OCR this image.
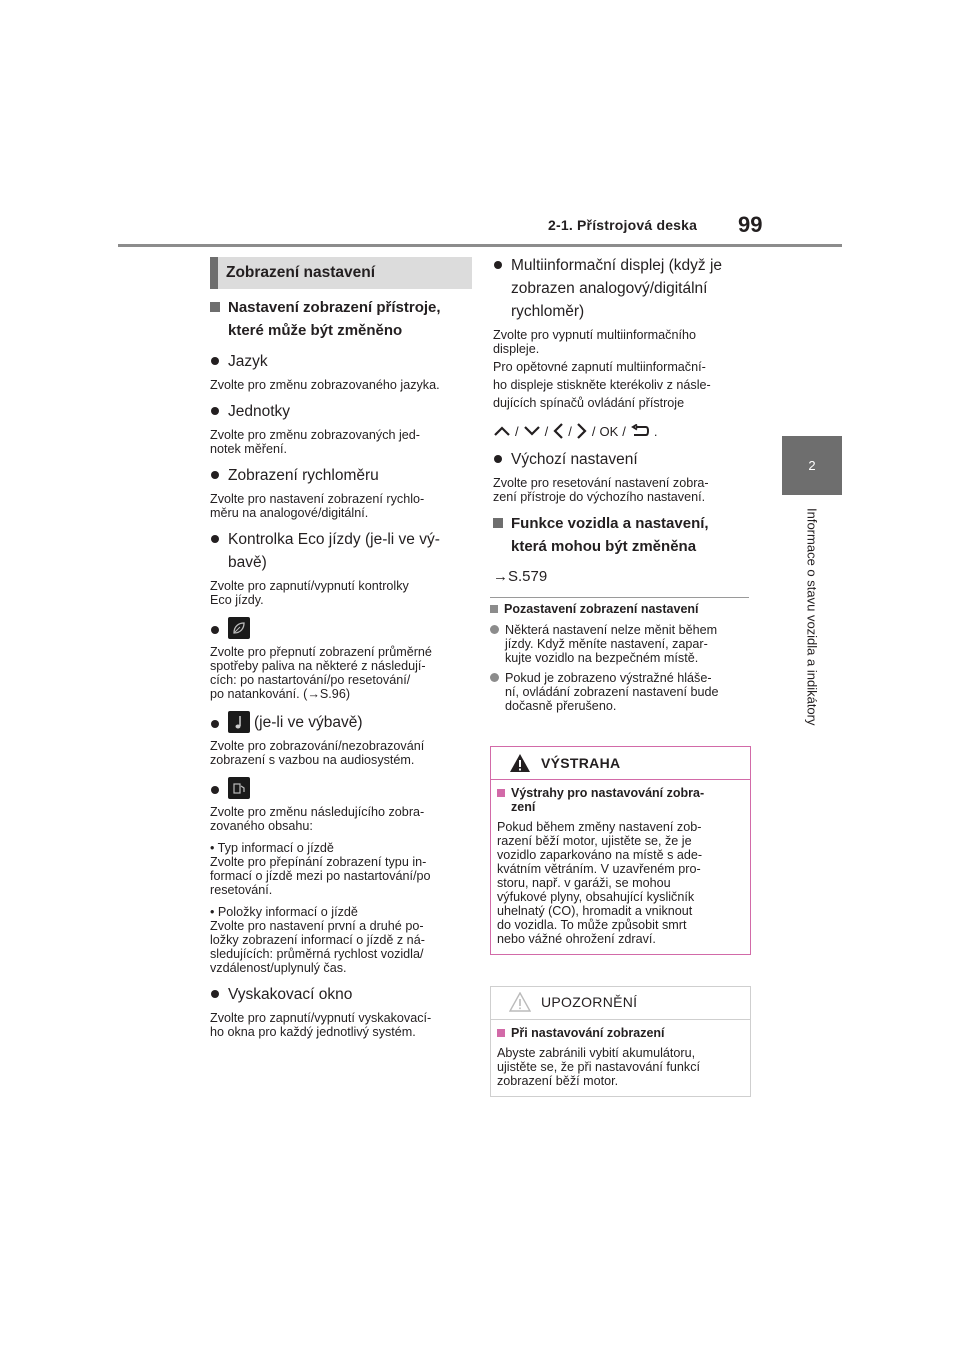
2-1. Přístrojová deska 99
2
Informace o stavu vozidla a indikátory
Zobrazení nastavení
Nastavení zobrazení přístroje,
které může být změněno
Jazyk
Zvolte pro změnu zobrazovaného jazyka.
Jednotky
Zvolte pro změnu zobrazovaných jed-
notek měření.
Zobrazení rychloměru
Zvolte pro nastavení zobrazení rychlo-
měru na analogové/digitální.
Kontrolka Eco jízdy (je-li ve vý-
bavě)
Zvolte pro zapnutí/vypnutí kontrolky
Eco jízdy.
Zvolte pro přepnutí zobrazení průměrné
spotřeby paliva na některé z následují-
cích: po nastartování/po resetování/
po natankování. (→S.96)
(je-li ve výbavě)
Zvolte pro zobrazování/nezobrazování
zobrazení s vazbou na audiosystém.
Zvolte pro změnu následujícího zobra-
zovaného obsahu:
• Typ informací o jízdě
Zvolte pro přepínání zobrazení typu in-
formací o jízdě mezi po nastartování/po
resetování.
• Položky informací o jízdě
Zvolte pro nastavení první a druhé po-
ložky zobrazení informací o jízdě z ná-
sledujících: průměrná rychlost vozidla/
vzdálenost/uplynulý čas.
Vyskakovací okno
Zvolte pro zapnutí/vypnutí vyskakovací-
ho okna pro každý jednotlivý systém.
Multiinformační displej (když je
zobrazen analogový/digitální
rychloměr)
Zvolte pro vypnutí multiinformačního
displeje.
Pro opětovné zapnutí multiinformační-
ho displeje stiskněte kterékoliv z násle-
dujících spínačů ovládání přístroje
/ / / / OK / .
Výchozí nastavení
Zvolte pro resetování nastavení zobra-
zení přístroje do výchozího nastavení.
Funkce vozidla a nastavení,
která mohou být změněna
→S.579
Pozastavení zobrazení nastavení
Některá nastavení nelze měnit během
jízdy. Když měníte nastavení, zapar-
kujte vozidlo na bezpečném místě.
Pokud je zobrazeno výstražné hláše-
ní, ovládání zobrazení nastavení bude
dočasně přerušeno.
VÝSTRAHA
Výstrahy pro nastavování zobra-
zení
Pokud během změny nastavení zob-
razení běží motor, ujistěte se, že je
vozidlo zaparkováno na místě s ade-
kvátním větráním. V uzavřeném pro-
storu, např. v garáži, se mohou
výfukové plyny, obsahující kysličník
uhelnatý (CO), hromadit a vniknout
do vozidla. To může způsobit smrt
nebo vážné ohrožení zdraví.
UPOZORNĚNÍ
Při nastavování zobrazení
Abyste zabránili vybití akumulátoru,
ujistěte se, že při nastavování funkcí
zobrazení běží motor.
